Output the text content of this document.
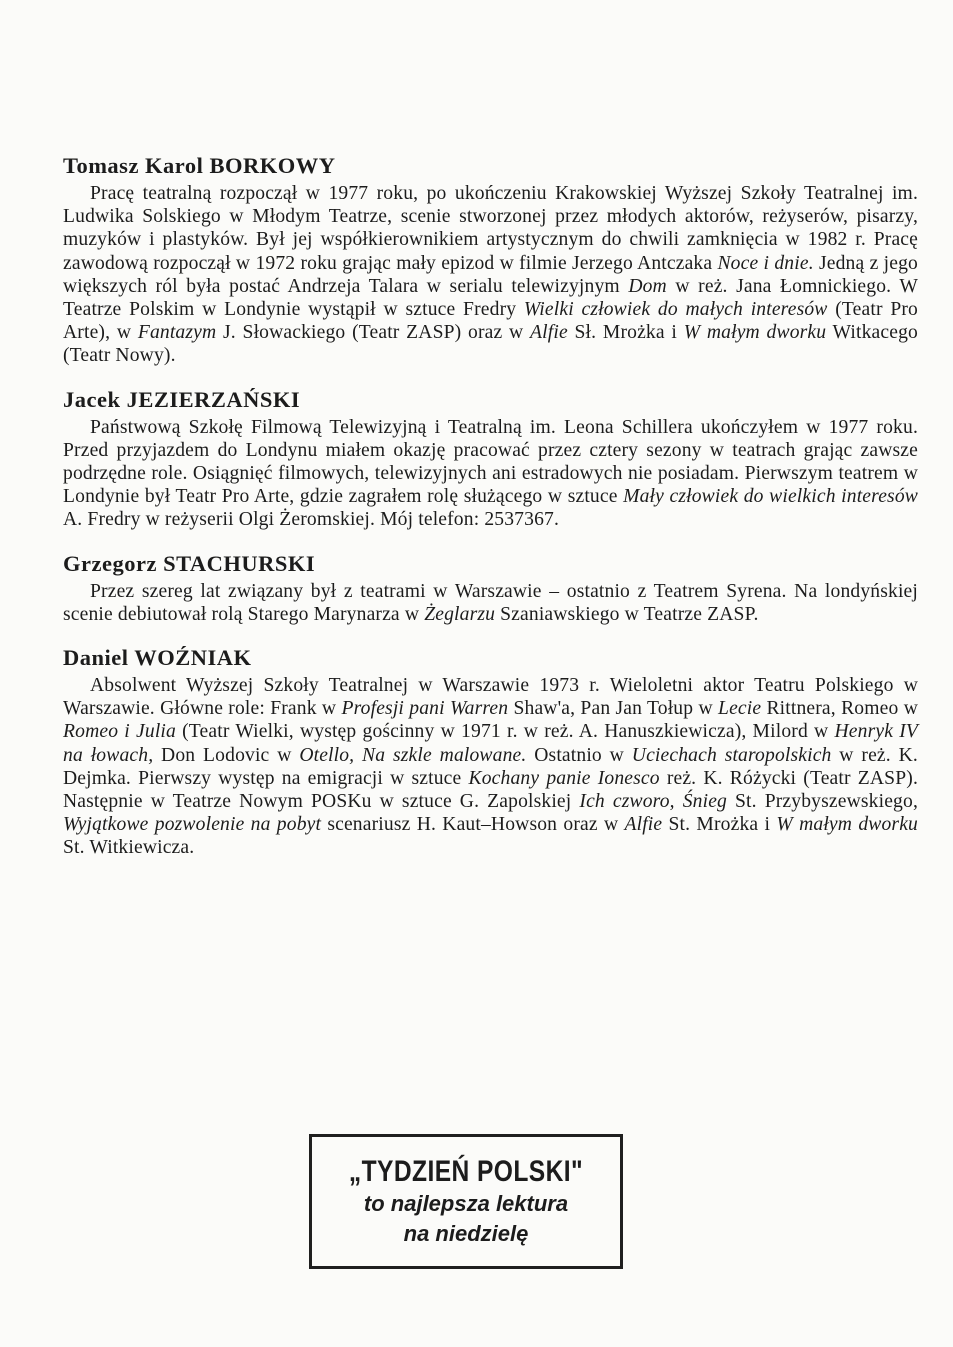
Tomasz Karol BORKOWY

Pracę teatralną rozpoczął w 1977 roku, po ukończeniu Krakowskiej Wyższej Szkoły Teatralnej im. Ludwika Solskiego w Młodym Teatrze, scenie stworzonej przez młodych aktorów, reżyserów, pisarzy, muzyków i plastyków. Był jej współkierownikiem artystycznym do chwili zamknięcia w 1982 r. Pracę zawodową rozpoczął w 1972 roku grając mały epizod w filmie Jerzego Antczaka Noce i dnie. Jedną z jego większych ról była postać Andrzeja Talara w serialu telewizyjnym Dom w reż. Jana Łomnickiego. W Teatrze Polskim w Londynie wystąpił w sztuce Fredry Wielki człowiek do małych interesów (Teatr Pro Arte), w Fantazym J. Słowackiego (Teatr ZASP) oraz w Alfie Sł. Mrożka i W małym dworku Witkacego (Teatr Nowy).

Jacek JEZIERZAŃSKI

Państwową Szkołę Filmową Telewizyjną i Teatralną im. Leona Schillera ukończyłem w 1977 roku. Przed przyjazdem do Londynu miałem okazję pracować przez cztery sezony w teatrach grając zawsze podrzędne role. Osiągnięć filmowych, telewizyjnych ani estradowych nie posiadam. Pierwszym teatrem w Londynie był Teatr Pro Arte, gdzie zagrałem rolę służącego w sztuce Mały człowiek do wielkich interesów A. Fredry w reżyserii Olgi Żeromskiej. Mój telefon: 2537367.

Grzegorz STACHURSKI

Przez szereg lat związany był z teatrami w Warszawie – ostatnio z Teatrem Syrena. Na londyńskiej scenie debiutował rolą Starego Marynarza w Żeglarzu Szaniawskiego w Teatrze ZASP.

Daniel WOŹNIAK

Absolwent Wyższej Szkoły Teatralnej w Warszawie 1973 r. Wieloletni aktor Teatru Polskiego w Warszawie. Główne role: Frank w Profesji pani Warren Shaw'a, Pan Jan Tołup w Lecie Rittnera, Romeo w Romeo i Julia (Teatr Wielki, występ gościnny w 1971 r. w reż. A. Hanuszkiewicza), Milord w Henryk IV na łowach, Don Lodovic w Otello, Na szkle malowane. Ostatnio w Uciechach staropolskich w reż. K. Dejmka. Pierwszy występ na emigracji w sztuce Kochany panie Ionesco reż. K. Różycki (Teatr ZASP). Następnie w Teatrze Nowym POSKu w sztuce G. Zapolskiej Ich czworo, Śnieg St. Przybyszewskiego, Wyjątkowe pozwolenie na pobyt scenariusz H. Kaut–Howson oraz w Alfie St. Mrożka i W małym dworku St. Witkiewicza.

„TYDZIEŃ POLSKI"
to najlepsza lektura
na niedzielę
